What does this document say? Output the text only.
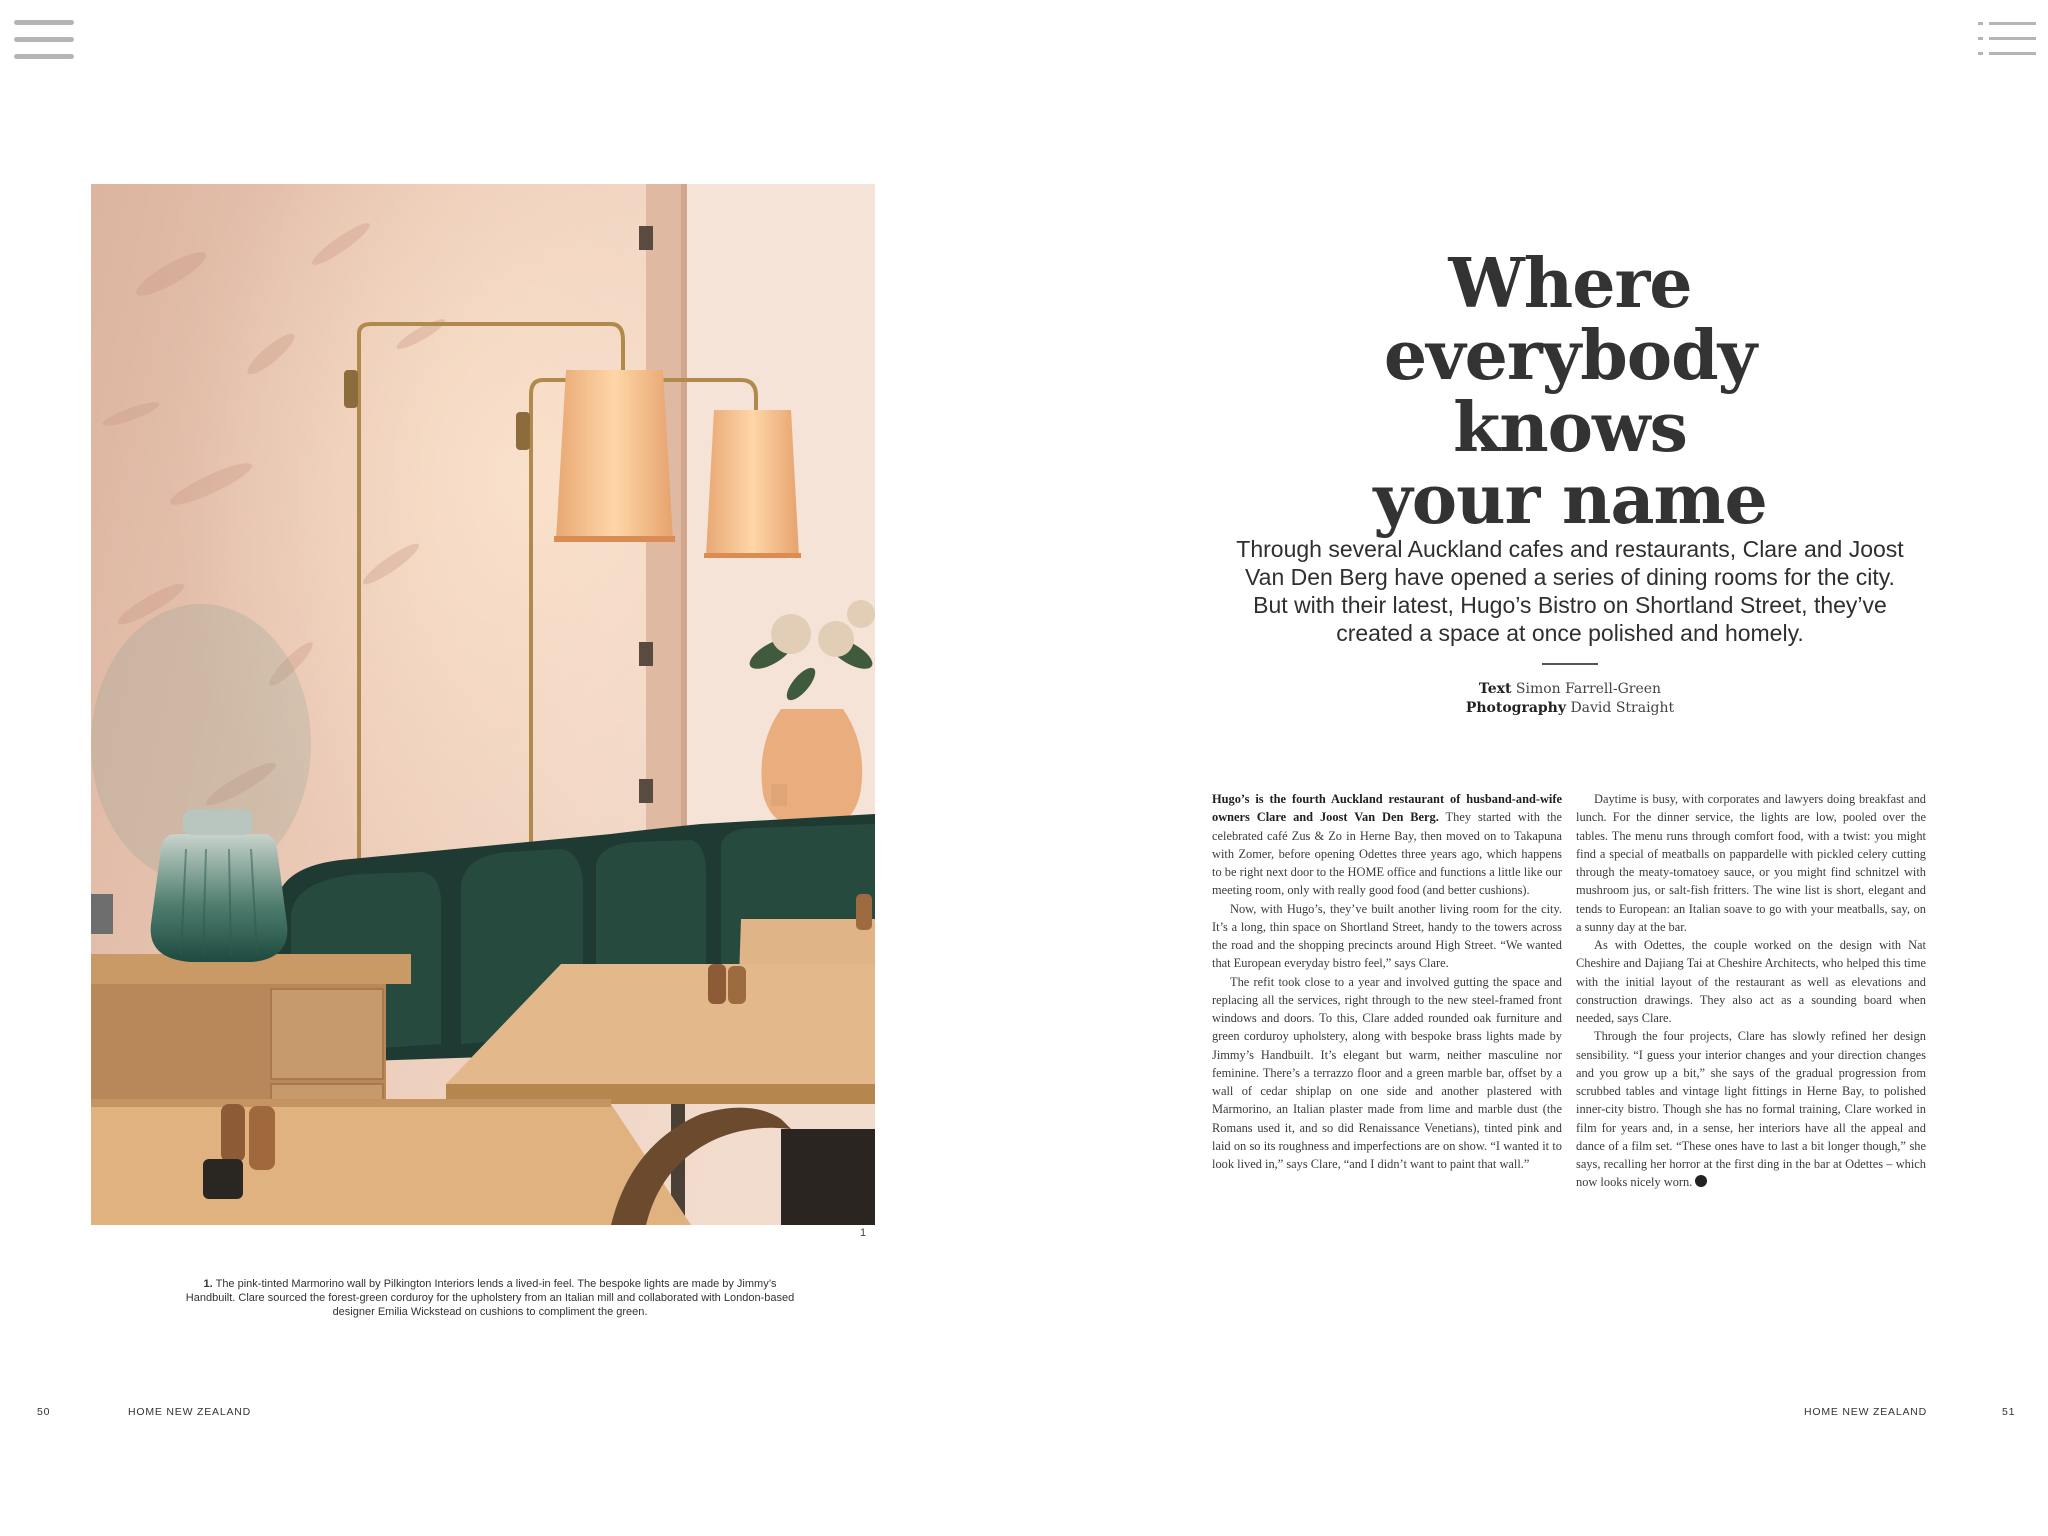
1
1. The pink-tinted Marmorino wall by Pilkington Interiors lends a lived-in feel. The bespoke lights are made by Jimmy’s Handbuilt. Clare sourced the forest-green corduroy for the upholstery from an Italian mill and collaborated with London-based designer Emilia Wickstead on cushions to compliment the green.
Where
everybody knows
your name
Through several Auckland cafes and restaurants, Clare and Joost Van Den Berg have opened a series of dining rooms for the city. But with their latest, Hugo’s Bistro on Shortland Street, they’ve created a space at once polished and homely.
Text Simon Farrell-Green
Photography David Straight

Hugo’s is the fourth Auckland restaurant of husband-and-wife owners Clare and Joost Van Den Berg. They started with the celebrated café Zus & Zo in Herne Bay, then moved on to Takapuna with Zomer, before opening Odettes three years ago, which happens to be right next door to the HOME office and functions a little like our meeting room, only with really good food (and better cushions).

Now, with Hugo’s, they’ve built another living room for the city. It’s a long, thin space on Shortland Street, handy to the towers across the road and the shopping precincts around High Street. “We wanted that European everyday bistro feel,” says Clare.

The refit took close to a year and involved gutting the space and replacing all the services, right through to the new steel-framed front windows and doors. To this, Clare added rounded oak furniture and green corduroy upholstery, along with bespoke brass lights made by Jimmy’s Handbuilt. It’s elegant but warm, neither masculine nor feminine. There’s a terrazzo floor and a green marble bar, offset by a wall of cedar shiplap on one side and another plastered with Marmorino, an Italian plaster made from lime and marble dust (the Romans used it, and so did Renaissance Venetians), tinted pink and laid on so its roughness and imperfections are on show. “I wanted it to look lived in,” says Clare, “and I didn’t want to paint that wall.”

Daytime is busy, with corporates and lawyers doing breakfast and lunch. For the dinner service, the lights are low, pooled over the tables. The menu runs through comfort food, with a twist: you might find a special of meatballs on pappardelle with pickled celery cutting through the meaty-tomatoey sauce, or you might find schnitzel with mushroom jus, or salt-fish fritters. The wine list is short, elegant and tends to European: an Italian soave to go with your meatballs, say, on a sunny day at the bar.

As with Odettes, the couple worked on the design with Nat Cheshire and Dajiang Tai at Cheshire Architects, who helped this time with the initial layout of the restaurant as well as elevations and construction drawings. They also act as a sounding board when needed, says Clare.

Through the four projects, Clare has slowly refined her design sensibility. “I guess your interior changes and your direction changes and you grow up a bit,” she says of the gradual progression from scrubbed tables and vintage light fittings in Herne Bay, to polished inner-city bistro. Though she has no formal training, Clare worked in film for years and, in a sense, her interiors have all the appeal and dance of a film set. “These ones have to last a bit longer though,” she says, recalling her horror at the first ding in the bar at Odettes – which now looks nicely worn.

50	HOME NEW ZEALAND	HOME NEW ZEALAND	51
